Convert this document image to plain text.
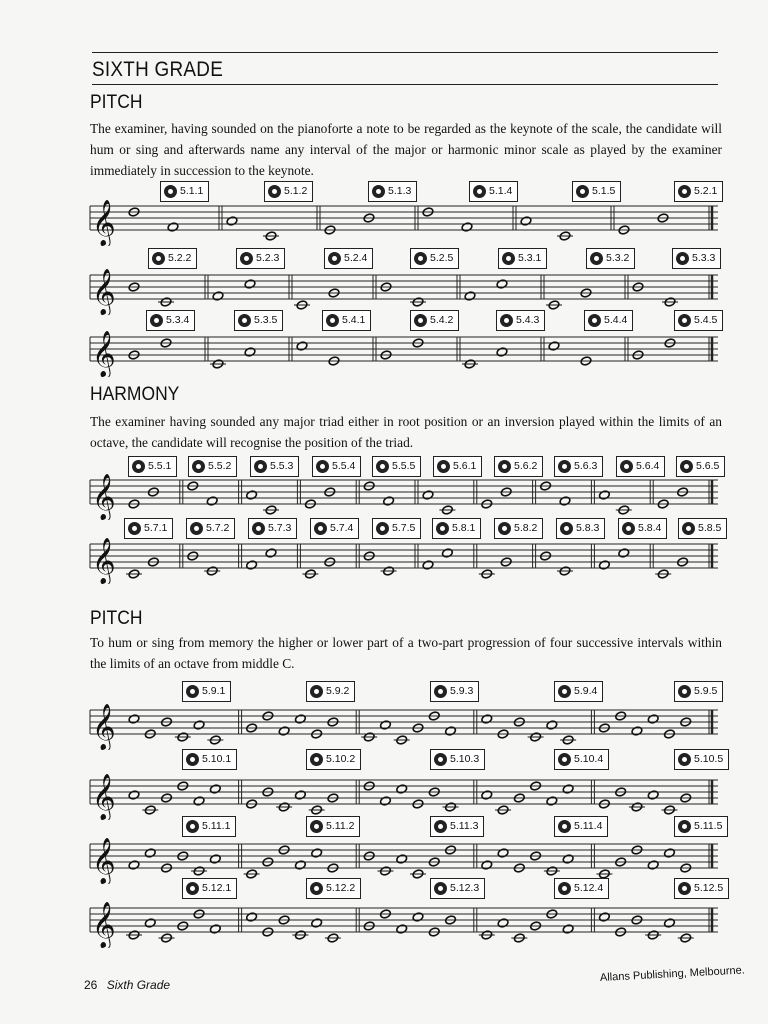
SIXTH GRADE
PITCH
The examiner, having sounded on the pianoforte a note to be regarded as the keynote of the scale, the candidate will hum or sing and afterwards name any interval of the major or harmonic minor scale as played by the examiner immediately in succession to the keynote.
𝄞
𝄞
𝄞
HARMONY
The examiner having sounded any major triad either in root position or an inversion played within the limits of an octave, the candidate will recognise the position of the triad.
𝄞
𝄞
PITCH
To hum or sing from memory the higher or lower part of a two-part progression of four successive intervals within the limits of an octave from middle C.
𝄞
𝄞
𝄞
𝄞
26 Sixth Grade
Allans Publishing, Melbourne.
5.1.1	5.1.2	5.1.3	5.1.4	5.1.5	5.2.1
5.2.2	5.2.3	5.2.4	5.2.5	5.3.1	5.3.2	5.3.3
5.3.4	5.3.5	5.4.1	5.4.2	5.4.3	5.4.4	5.4.5
5.5.1	5.5.2	5.5.3	5.5.4	5.5.5	5.6.1	5.6.2	5.6.3	5.6.4	5.6.5
5.7.1	5.7.2	5.7.3	5.7.4	5.7.5	5.8.1	5.8.2	5.8.3	5.8.4	5.8.5
5.9.1	5.9.2	5.9.3	5.9.4	5.9.5
5.10.1	5.10.2	5.10.3	5.10.4	5.10.5
5.11.1	5.11.2	5.11.3	5.11.4	5.11.5
5.12.1	5.12.2	5.12.3	5.12.4	5.12.5
